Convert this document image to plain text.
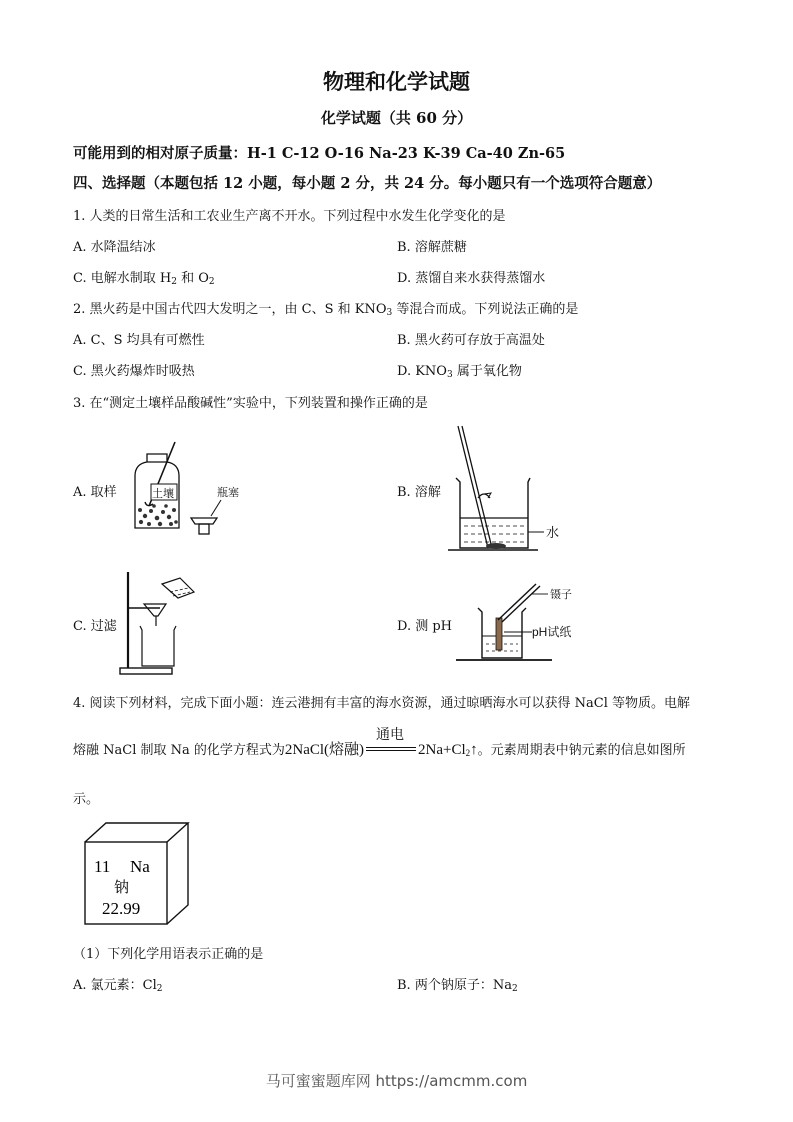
物理和化学试题
化学试题（共 60 分）
可能用到的相对原子质量：H-1 C-12 O-16 Na-23 K-39 Ca-40 Zn-65
四、选择题（本题包括 12 小题，每小题 2 分，共 24 分。每小题只有一个选项符合题意）
1. 人类的日常生活和工农业生产离不开水。下列过程中水发生化学变化的是
A. 水降温结冰	B. 溶解蔗糖
C. 电解水制取 $H_2$ 和 $O_2$	D. 蒸馏自来水获得蒸馏水
2. 黑火药是中国古代四大发明之一，由 C、S 和 $KNO_3$ 等混合而成。下列说法正确的是
A. C、S 均具有可燃性	B. 黑火药可存放于高温处
C. 黑火药爆炸时吸热	D. $KNO_3$ 属于氧化物
3. 在“测定土壤样品酸碱性”实验中，下列装置和操作正确的是
A. 取样	B. 溶解
C. 过滤	D. 测 pH
土壤	瓶塞
水
镊子
pH试纸
4. 阅读下列材料，完成下面小题：连云港拥有丰富的海水资源，通过晾晒海水可以获得 NaCl 等物质。电解
熔融 NaCl 制取 Na 的化学方程式为2NaCl(熔融)
通电
$2Na+Cl_2↑$。元素周期表中钠元素的信息如图所
示。
11 Na
钠
22.99
（1）下列化学用语表示正确的是
A. 氯元素：$Cl_2$	B. 两个钠原子：$Na_2$
马可蜜蜜题库网 https://amcmm.com
